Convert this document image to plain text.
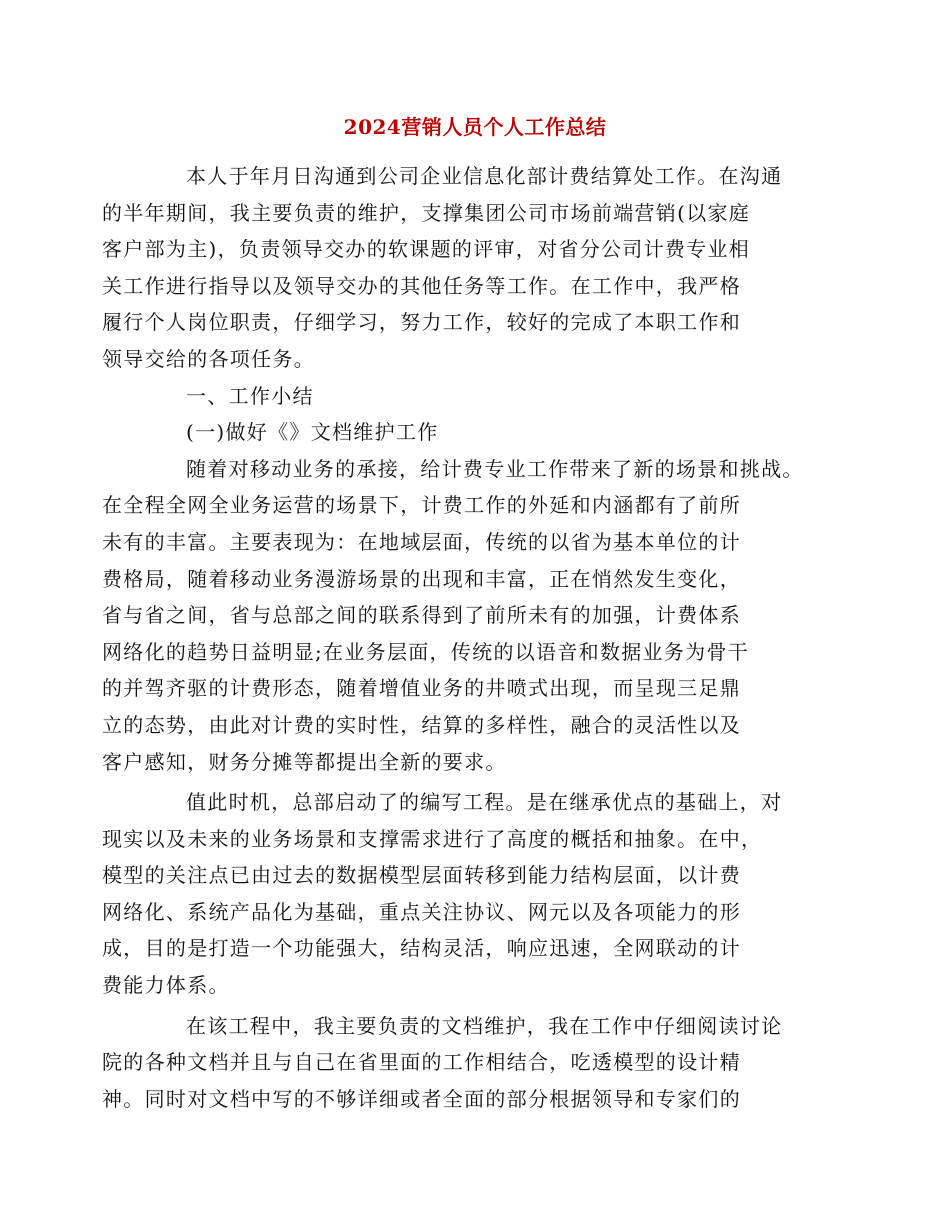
2024营销人员个人工作总结

本人于年月日沟通到公司企业信息化部计费结算处工作。在沟通
的半年期间，我主要负责的维护，支撑集团公司市场前端营销(以家庭
客户部为主)，负责领导交办的软课题的评审，对省分公司计费专业相
关工作进行指导以及领导交办的其他任务等工作。在工作中，我严格
履行个人岗位职责，仔细学习，努力工作，较好的完成了本职工作和
领导交给的各项任务。

一、工作小结

(一)做好《》文档维护工作

随着对移动业务的承接，给计费专业工作带来了新的场景和挑战。
在全程全网全业务运营的场景下，计费工作的外延和内涵都有了前所
未有的丰富。主要表现为：在地域层面，传统的以省为基本单位的计
费格局，随着移动业务漫游场景的出现和丰富，正在悄然发生变化，
省与省之间，省与总部之间的联系得到了前所未有的加强，计费体系
网络化的趋势日益明显;在业务层面，传统的以语音和数据业务为骨干
的并驾齐驱的计费形态，随着增值业务的井喷式出现，而呈现三足鼎
立的态势，由此对计费的实时性，结算的多样性，融合的灵活性以及
客户感知，财务分摊等都提出全新的要求。

值此时机，总部启动了的编写工程。是在继承优点的基础上，对
现实以及未来的业务场景和支撑需求进行了高度的概括和抽象。在中，
模型的关注点已由过去的数据模型层面转移到能力结构层面，以计费
网络化、系统产品化为基础，重点关注协议、网元以及各项能力的形
成，目的是打造一个功能强大，结构灵活，响应迅速，全网联动的计
费能力体系。

在该工程中，我主要负责的文档维护，我在工作中仔细阅读讨论
院的各种文档并且与自己在省里面的工作相结合，吃透模型的设计精
神。同时对文档中写的不够详细或者全面的部分根据领导和专家们的
